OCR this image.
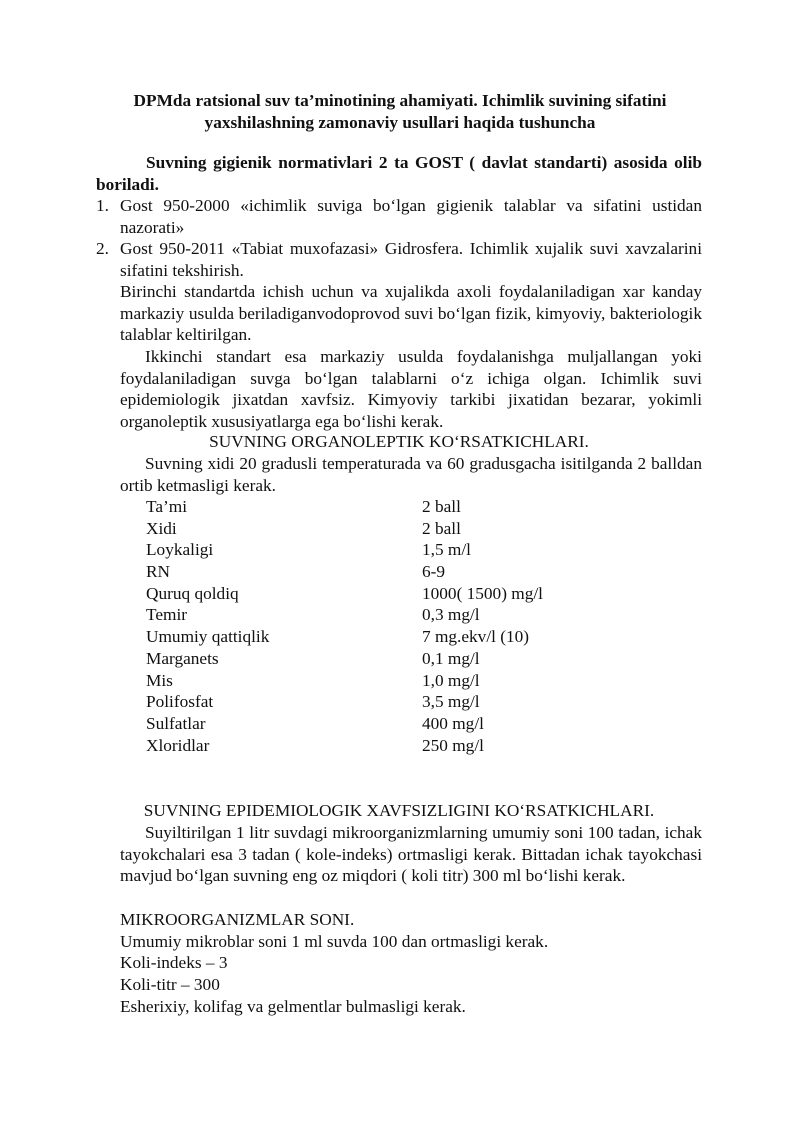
DPMda ratsional suv ta’minotining ahamiyati. Ichimlik suvining sifatini
yaxshilashning zamonaviy usullari haqida tushuncha

Suvning gigienik normativlari 2 ta GOST ( davlat standarti) asosida olib boriladi.

1. Gost 950-2000 «ichimlik suviga bo‘lgan gigienik talablar va sifatini ustidan nazorati»
2. Gost 950-2011 «Tabiat muxofazasi» Gidrosfera. Ichimlik xujalik suvi xavzalarini sifatini tekshirish.

Birinchi standartda ichish uchun va xujalikda axoli foydalaniladigan xar kanday markaziy usulda beriladiganvodoprovod suvi bo‘lgan fizik, kimyoviy, bakteriologik talablar keltirilgan.

Ikkinchi standart esa markaziy usulda foydalanishga muljallangan yoki foydalaniladigan suvga bo‘lgan talablarni o‘z ichiga olgan. Ichimlik suvi epidemiologik jixatdan xavfsiz. Kimyoviy tarkibi jixatidan bezarar, yokimli organoleptik xususiyatlarga ega bo‘lishi kerak.

SUVNING ORGANOLEPTIK KO‘RSATKICHLARI.

Suvning xidi 20 gradusli temperaturada va 60 gradusgacha isitilganda 2 balldan ortib ketmasligi kerak.

Ta’mi	2 ball
Xidi	2 ball
Loykaligi	1,5 m/l
RN	6-9
Quruq qoldiq	1000( 1500) mg/l
Temir	0,3 mg/l
Umumiy qattiqlik	7 mg.ekv/l (10)
Marganets	0,1 mg/l
Mis	1,0 mg/l
Polifosfat	3,5 mg/l
Sulfatlar	400 mg/l
Xloridlar	250 mg/l

SUVNING EPIDEMIOLOGIK XAVFSIZLIGINI KO‘RSATKICHLARI.

Suyiltirilgan 1 litr suvdagi mikroorganizmlarning umumiy soni 100 tadan, ichak tayokchalari esa 3 tadan ( kole-indeks) ortmasligi kerak. Bittadan ichak tayokchasi mavjud bo‘lgan suvning eng oz miqdori ( koli titr) 300 ml bo‘lishi kerak.

MIKROORGANIZMLAR SONI.

Umumiy mikroblar soni 1 ml suvda 100 dan ortmasligi kerak.

Koli-indeks – 3

Koli-titr – 300

Esherixiy, kolifag va gelmentlar bulmasligi kerak.
